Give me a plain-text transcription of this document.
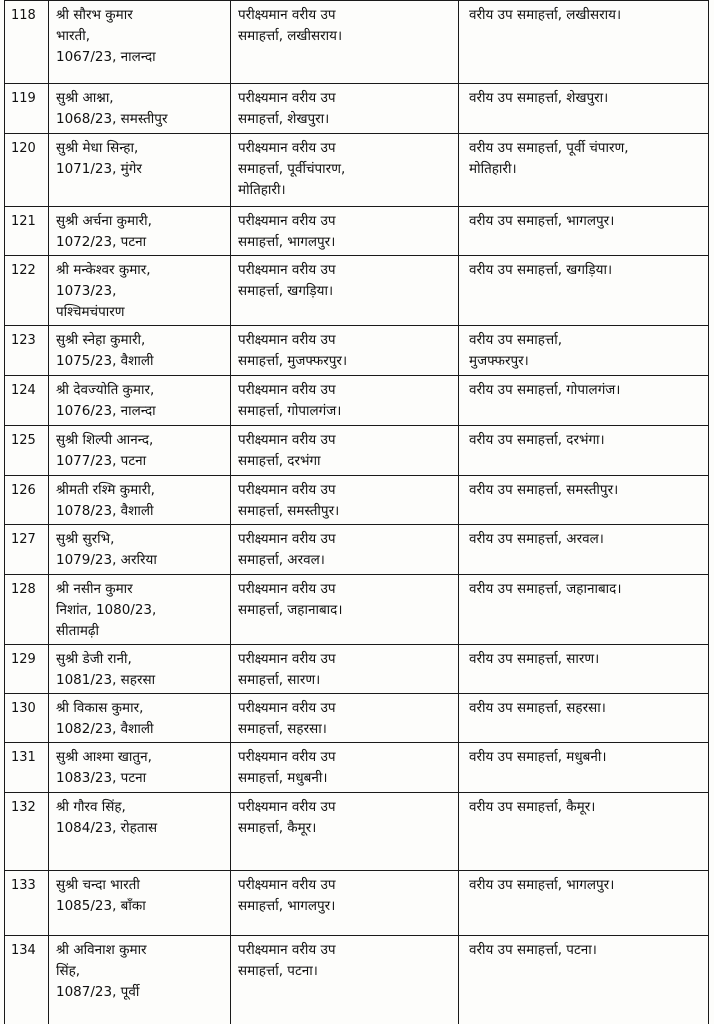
118	श्री सौरभ कुमार
भारती,
1067/23, नालन्दा	परीक्ष्यमान वरीय उप
समाहर्त्ता, लखीसराय।	वरीय उप समाहर्त्ता, लखीसराय।

119	सुश्री आश्ना,
1068/23, समस्तीपुर	परीक्ष्यमान वरीय उप
समाहर्त्ता, शेखपुरा।	वरीय उप समाहर्त्ता, शेखपुरा।

120	सुश्री मेधा सिन्हा,
1071/23, मुंगेर	परीक्ष्यमान वरीय उप
समाहर्त्ता, पूर्वीचंपारण,
मोतिहारी।	वरीय उप समाहर्त्ता, पूर्वी चंपारण,
मोतिहारी।

121	सुश्री अर्चना कुमारी,
1072/23, पटना	परीक्ष्यमान वरीय उप
समाहर्त्ता, भागलपुर।	वरीय उप समाहर्त्ता, भागलपुर।

122	श्री मन्केश्वर कुमार,
1073/23,
पश्चिमचंपारण	परीक्ष्यमान वरीय उप
समाहर्त्ता, खगड़िया।	वरीय उप समाहर्त्ता, खगड़िया।

123	सुश्री स्नेहा कुमारी,
1075/23, वैशाली	परीक्ष्यमान वरीय उप
समाहर्त्ता, मुजफ्फरपुर।	वरीय उप समाहर्त्ता,
मुजफ्फरपुर।

124	श्री देवज्योति कुमार,
1076/23, नालन्दा	परीक्ष्यमान वरीय उप
समाहर्त्ता, गोपालगंज।	वरीय उप समाहर्त्ता, गोपालगंज।

125	सुश्री शिल्पी आनन्द,
1077/23, पटना	परीक्ष्यमान वरीय उप
समाहर्त्ता, दरभंगा	वरीय उप समाहर्त्ता, दरभंगा।

126	श्रीमती रश्मि कुमारी,
1078/23, वैशाली	परीक्ष्यमान वरीय उप
समाहर्त्ता, समस्तीपुर।	वरीय उप समाहर्त्ता, समस्तीपुर।

127	सुश्री सुरभि,
1079/23, अररिया	परीक्ष्यमान वरीय उप
समाहर्त्ता, अरवल।	वरीय उप समाहर्त्ता, अरवल।

128	श्री नसीन कुमार
निशांत, 1080/23,
सीतामढ़ी	परीक्ष्यमान वरीय उप
समाहर्त्ता, जहानाबाद।	वरीय उप समाहर्त्ता, जहानाबाद।

129	सुश्री डेजी रानी,
1081/23, सहरसा	परीक्ष्यमान वरीय उप
समाहर्त्ता, सारण।	वरीय उप समाहर्त्ता, सारण।

130	श्री विकास कुमार,
1082/23, वैशाली	परीक्ष्यमान वरीय उप
समाहर्त्ता, सहरसा।	वरीय उप समाहर्त्ता, सहरसा।

131	सुश्री आश्मा खातुन,
1083/23, पटना	परीक्ष्यमान वरीय उप
समाहर्त्ता, मधुबनी।	वरीय उप समाहर्त्ता, मधुबनी।

132	श्री गौरव सिंह,
1084/23, रोहतास	परीक्ष्यमान वरीय उप
समाहर्त्ता, कैमूर।	वरीय उप समाहर्त्ता, कैमूर।

133	सुश्री चन्दा भारती
1085/23, बाँका	परीक्ष्यमान वरीय उप
समाहर्त्ता, भागलपुर।	वरीय उप समाहर्त्ता, भागलपुर।

134	श्री अविनाश कुमार
सिंह,
1087/23, पूर्वी	परीक्ष्यमान वरीय उप
समाहर्त्ता, पटना।	वरीय उप समाहर्त्ता, पटना।
